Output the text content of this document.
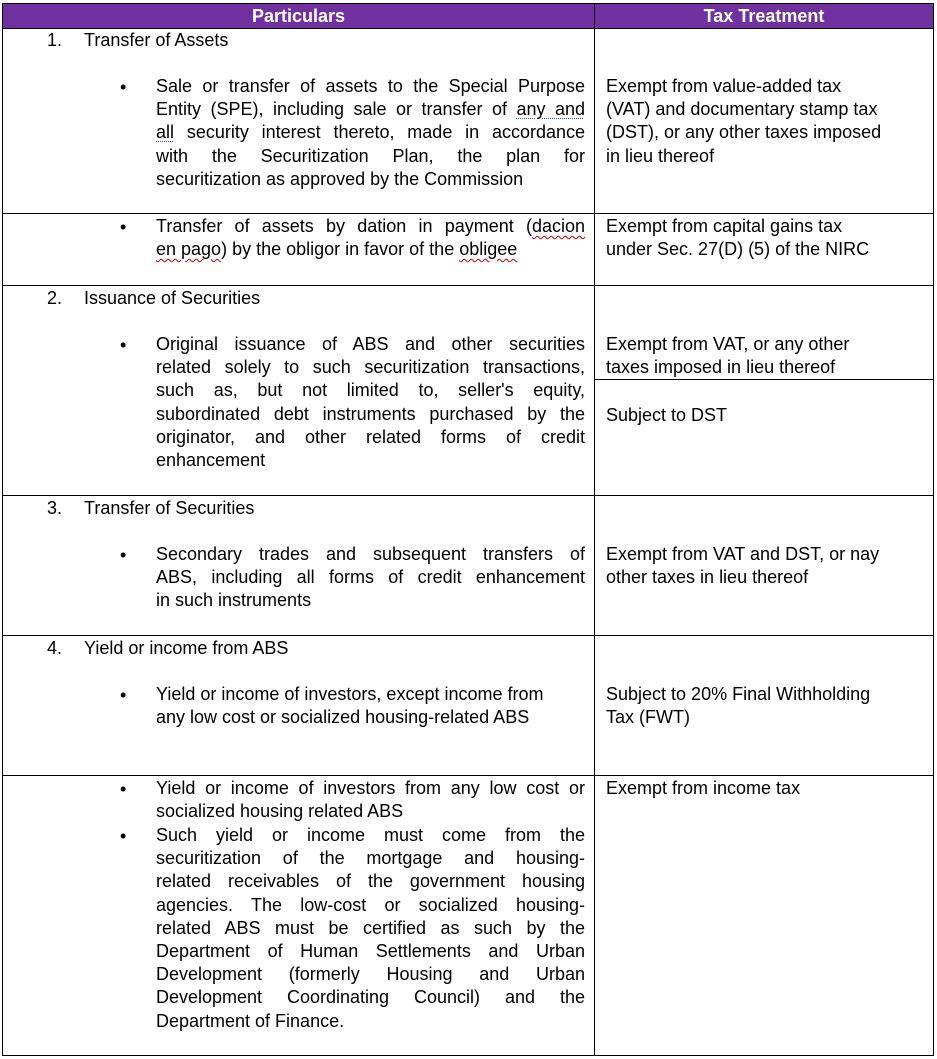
Particulars	Tax Treatment
1. Transfer of Assets
• Sale or transfer of assets to the Special Purpose
Entity (SPE), including sale or transfer of any and
all security interest thereto, made in accordance
with the Securitization Plan, the plan for
securitization as approved by the Commission
Exempt from value-added tax
(VAT) and documentary stamp tax
(DST), or any other taxes imposed
in lieu thereof
• Transfer of assets by dation in payment (dacion
en pago) by the obligor in favor of the obligee
Exempt from capital gains tax
under Sec. 27(D) (5) of the NIRC
2. Issuance of Securities
• Original issuance of ABS and other securities
related solely to such securitization transactions,
such as, but not limited to, seller's equity,
subordinated debt instruments purchased by the
originator, and other related forms of credit
enhancement
Exempt from VAT, or any other
taxes imposed in lieu thereof
Subject to DST
3. Transfer of Securities
• Secondary trades and subsequent transfers of
ABS, including all forms of credit enhancement
in such instruments
Exempt from VAT and DST, or nay
other taxes in lieu thereof
4. Yield or income from ABS
• Yield or income of investors, except income from
any low cost or socialized housing-related ABS
Subject to 20% Final Withholding
Tax (FWT)
• Yield or income of investors from any low cost or
socialized housing related ABS
• Such yield or income must come from the
securitization of the mortgage and housing-
related receivables of the government housing
agencies. The low-cost or socialized housing-
related ABS must be certified as such by the
Department of Human Settlements and Urban
Development (formerly Housing and Urban
Development Coordinating Council) and the
Department of Finance.
Exempt from income tax
